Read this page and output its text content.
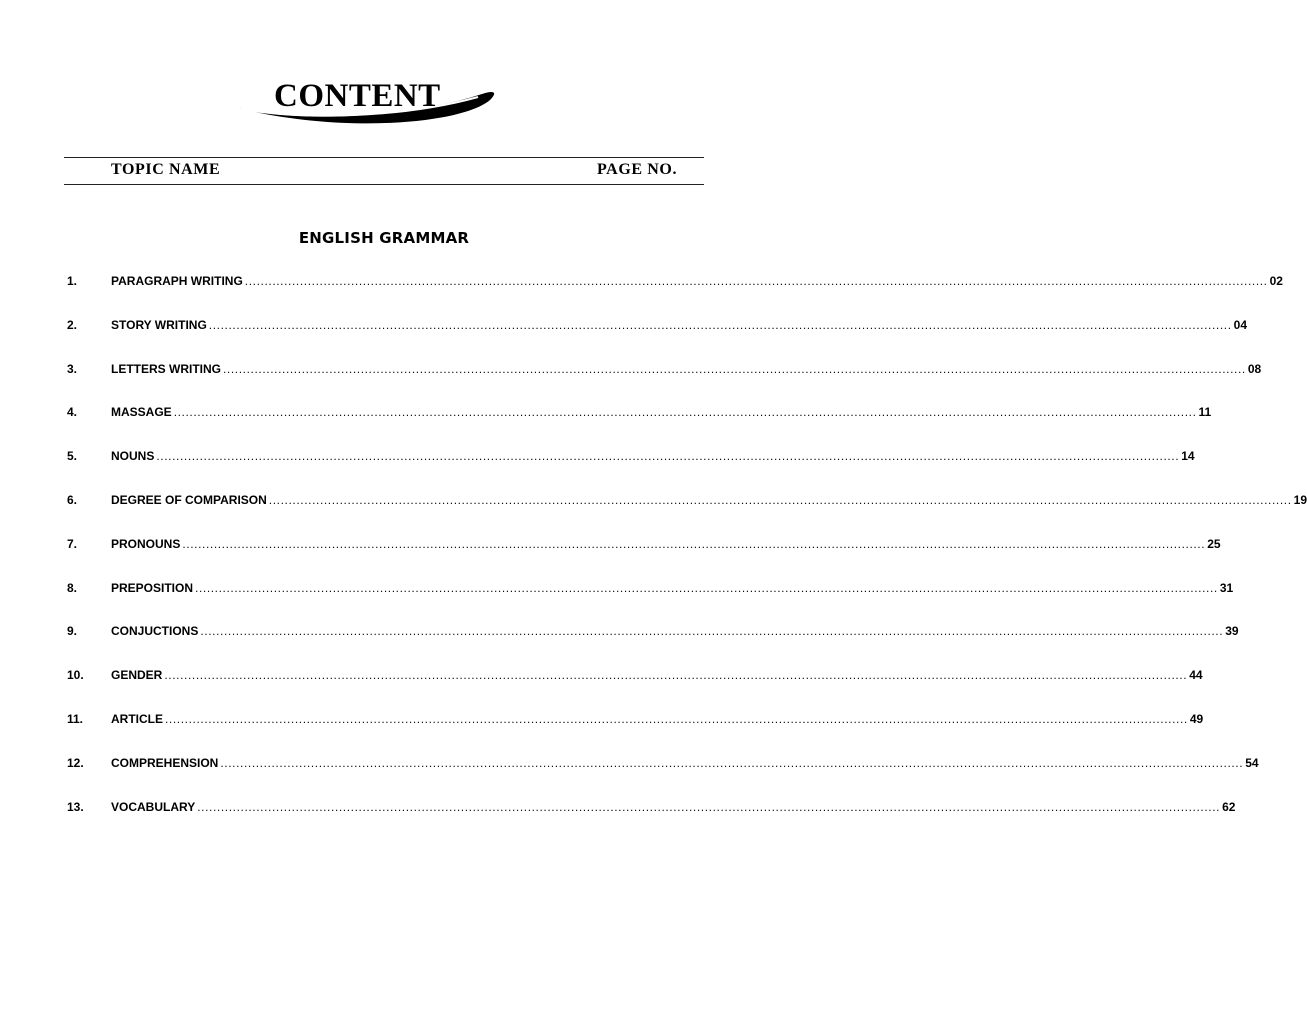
CONTENT
TOPIC NAME	PAGE NO.
ENGLISH GRAMMAR
1.	PARAGRAPH WRITING .................................................................................................................................................................................................................................................................... 02
2.	STORY WRITING .................................................................................................................................................................................................................................................................... 04
3.	LETTERS WRITING .................................................................................................................................................................................................................................................................... 08
4.	MASSAGE .................................................................................................................................................................................................................................................................... 11
5.	NOUNS .................................................................................................................................................................................................................................................................... 14
6.	DEGREE OF COMPARISON .................................................................................................................................................................................................................................................................... 19
7.	PRONOUNS .................................................................................................................................................................................................................................................................... 25
8.	PREPOSITION .................................................................................................................................................................................................................................................................... 31
9.	CONJUCTIONS .................................................................................................................................................................................................................................................................... 39
10.	GENDER .................................................................................................................................................................................................................................................................... 44
11.	ARTICLE .................................................................................................................................................................................................................................................................... 49
12.	COMPREHENSION .................................................................................................................................................................................................................................................................... 54
13.	VOCABULARY .................................................................................................................................................................................................................................................................... 62
